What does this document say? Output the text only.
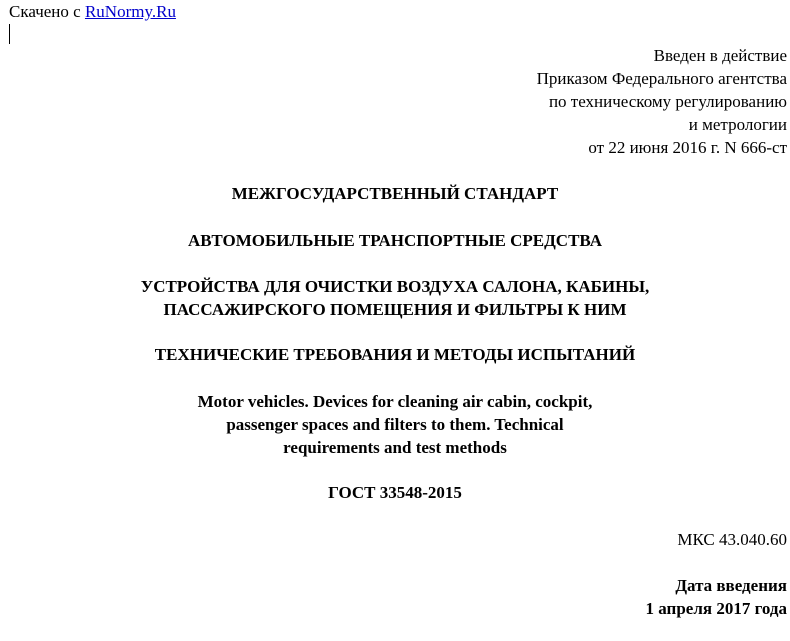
Скачено с RuNormy.Ru
Введен в действие
Приказом Федерального агентства
по техническому регулированию
и метрологии
от 22 июня 2016 г. N 666-ст
МЕЖГОСУДАРСТВЕННЫЙ СТАНДАРТ
АВТОМОБИЛЬНЫЕ ТРАНСПОРТНЫЕ СРЕДСТВА
УСТРОЙСТВА ДЛЯ ОЧИСТКИ ВОЗДУХА САЛОНА, КАБИНЫ,
ПАССАЖИРСКОГО ПОМЕЩЕНИЯ И ФИЛЬТРЫ К НИМ
ТЕХНИЧЕСКИЕ ТРЕБОВАНИЯ И МЕТОДЫ ИСПЫТАНИЙ
Motor vehicles. Devices for cleaning air cabin, cockpit,
passenger spaces and filters to them. Technical
requirements and test methods
ГОСТ 33548-2015
МКС 43.040.60
Дата введения
1 апреля 2017 года
